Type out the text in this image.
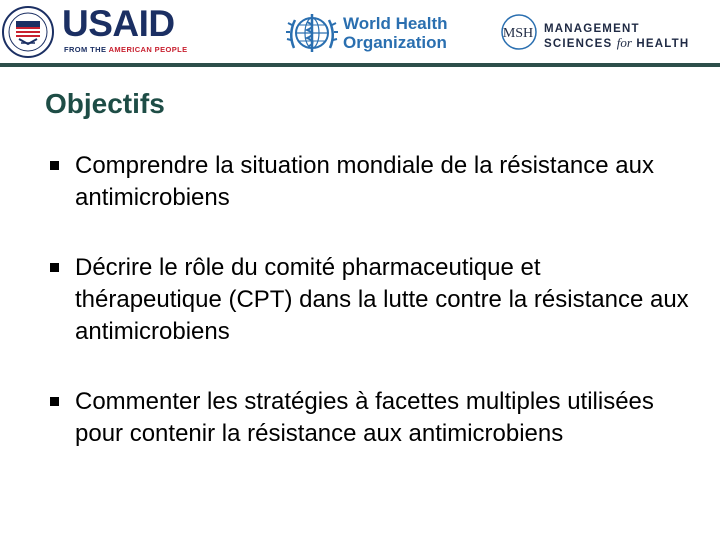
USAID
FROM THE AMERICAN PEOPLE
World Health
Organization	MSH MANAGEMENT
SCIENCES for HEALTH
Objectifs
Comprendre la situation mondiale de la résistance aux antimicrobiens
Décrire le rôle du comité pharmaceutique et thérapeutique (CPT) dans la lutte contre la résistance aux antimicrobiens
Commenter les stratégies à facettes multiples utilisées pour contenir la résistance aux antimicrobiens
